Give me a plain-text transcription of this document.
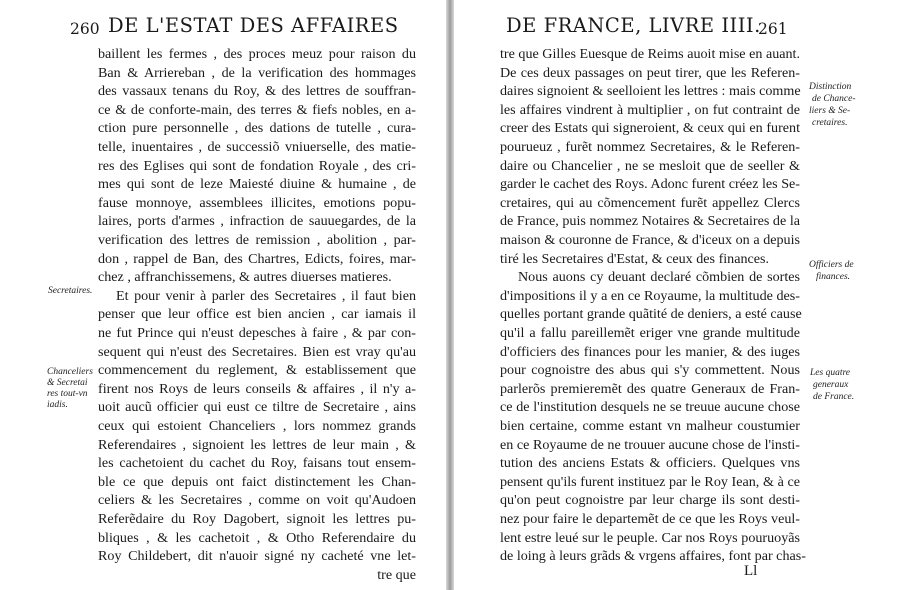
260 DE L'ESTAT DES AFFAIRES
baillent les fermes , des proces meuz pour raison du
Ban & Arriereban , de la verification des hommages
des vassaux tenans du Roy, & des lettres de souffran-
ce & de conforte-main, des terres & fiefs nobles, en a-
ction pure personnelle , des dations de tutelle , cura-
telle, inuentaires , de successiõ vniuerselle, des matie-
res des Eglises qui sont de fondation Royale , des cri-
mes qui sont de leze Maiesté diuine & humaine , de
fause monnoye, assemblees illicites, emotions popu-
laires, ports d'armes , infraction de sauuegardes, de la
verification des lettres de remission , abolition , par-
don , rappel de Ban, des Chartres, Edicts, foires, mar-
chez , affranchissemens, & autres diuerses matieres.
Et pour venir à parler des Secretaires , il faut bien
penser que leur office est bien ancien , car iamais il
ne fut Prince qui n'eust depesches à faire , & par con-
sequent qui n'eust des Secretaires. Bien est vray qu'au
commencement du reglement, & establissement que
firent nos Roys de leurs conseils & affaires , il n'y a-
uoit aucũ officier qui eust ce tiltre de Secretaire , ains
ceux qui estoient Chanceliers , lors nommez grands
Referendaires , signoient les lettres de leur main , &
les cachetoient du cachet du Roy, faisans tout ensem-
ble ce que depuis ont faict distinctement les Chan-
celiers & les Secretaires , comme on voit qu'Audoen
Referẽdaire du Roy Dagobert, signoit les lettres pu-
bliques , & les cachetoit , & Otho Referendaire du
Roy Childebert, dit n'auoir signé ny cacheté vne let-
tre que
Secretaires.
Chanceliers
& Secretai
res tout-vn
iadis.
DE FRANCE, LIVRE IIII.
261
tre que Gilles Euesque de Reims auoit mise en auant.
De ces deux passages on peut tirer, que les Referen-
daires signoient & seelloient les lettres : mais comme
les affaires vindrent à multiplier , on fut contraint de
creer des Estats qui signeroient, & ceux qui en furent
pourueuz , furẽt nommez Secretaires, & le Referen-
daire ou Chancelier , ne se mesloit que de seeller &
garder le cachet des Roys. Adonc furent créez les Se-
cretaires, qui au cõmencement furẽt appellez Clercs
de France, puis nommez Notaires & Secretaires de la
maison & couronne de France, & d'iceux on a depuis
tiré les Secretaires d'Estat, & ceux des finances.
Nous auons cy deuant declaré cõmbien de sortes
d'impositions il y a en ce Royaume, la multitude des-
quelles portant grande quãtité de deniers, a esté cause
qu'il a fallu pareillemẽt eriger vne grande multitude
d'officiers des finances pour les manier, & des iuges
pour cognoistre des abus qui s'y commettent. Nous
parlerõs premieremẽt des quatre Generaux de Fran-
ce de l'institution desquels ne se treuue aucune chose
bien certaine, comme estant vn malheur coustumier
en ce Royaume de ne trouuer aucune chose de l'insti-
tution des anciens Estats & officiers. Quelques vns
pensent qu'ils furent instituez par le Roy Iean, & à ce
qu'on peut cognoistre par leur charge ils sont desti-
nez pour faire le departemẽt de ce que les Roys veul-
lent estre leué sur le peuple. Car nos Roys pouruoyãs
de loing à leurs grãds & vrgens affaires, font par chas-
Distinction
de Chance-
liers & Se-
cretaires.
Officiers de
finances.
Les quatre
generaux
de France.
Ll
